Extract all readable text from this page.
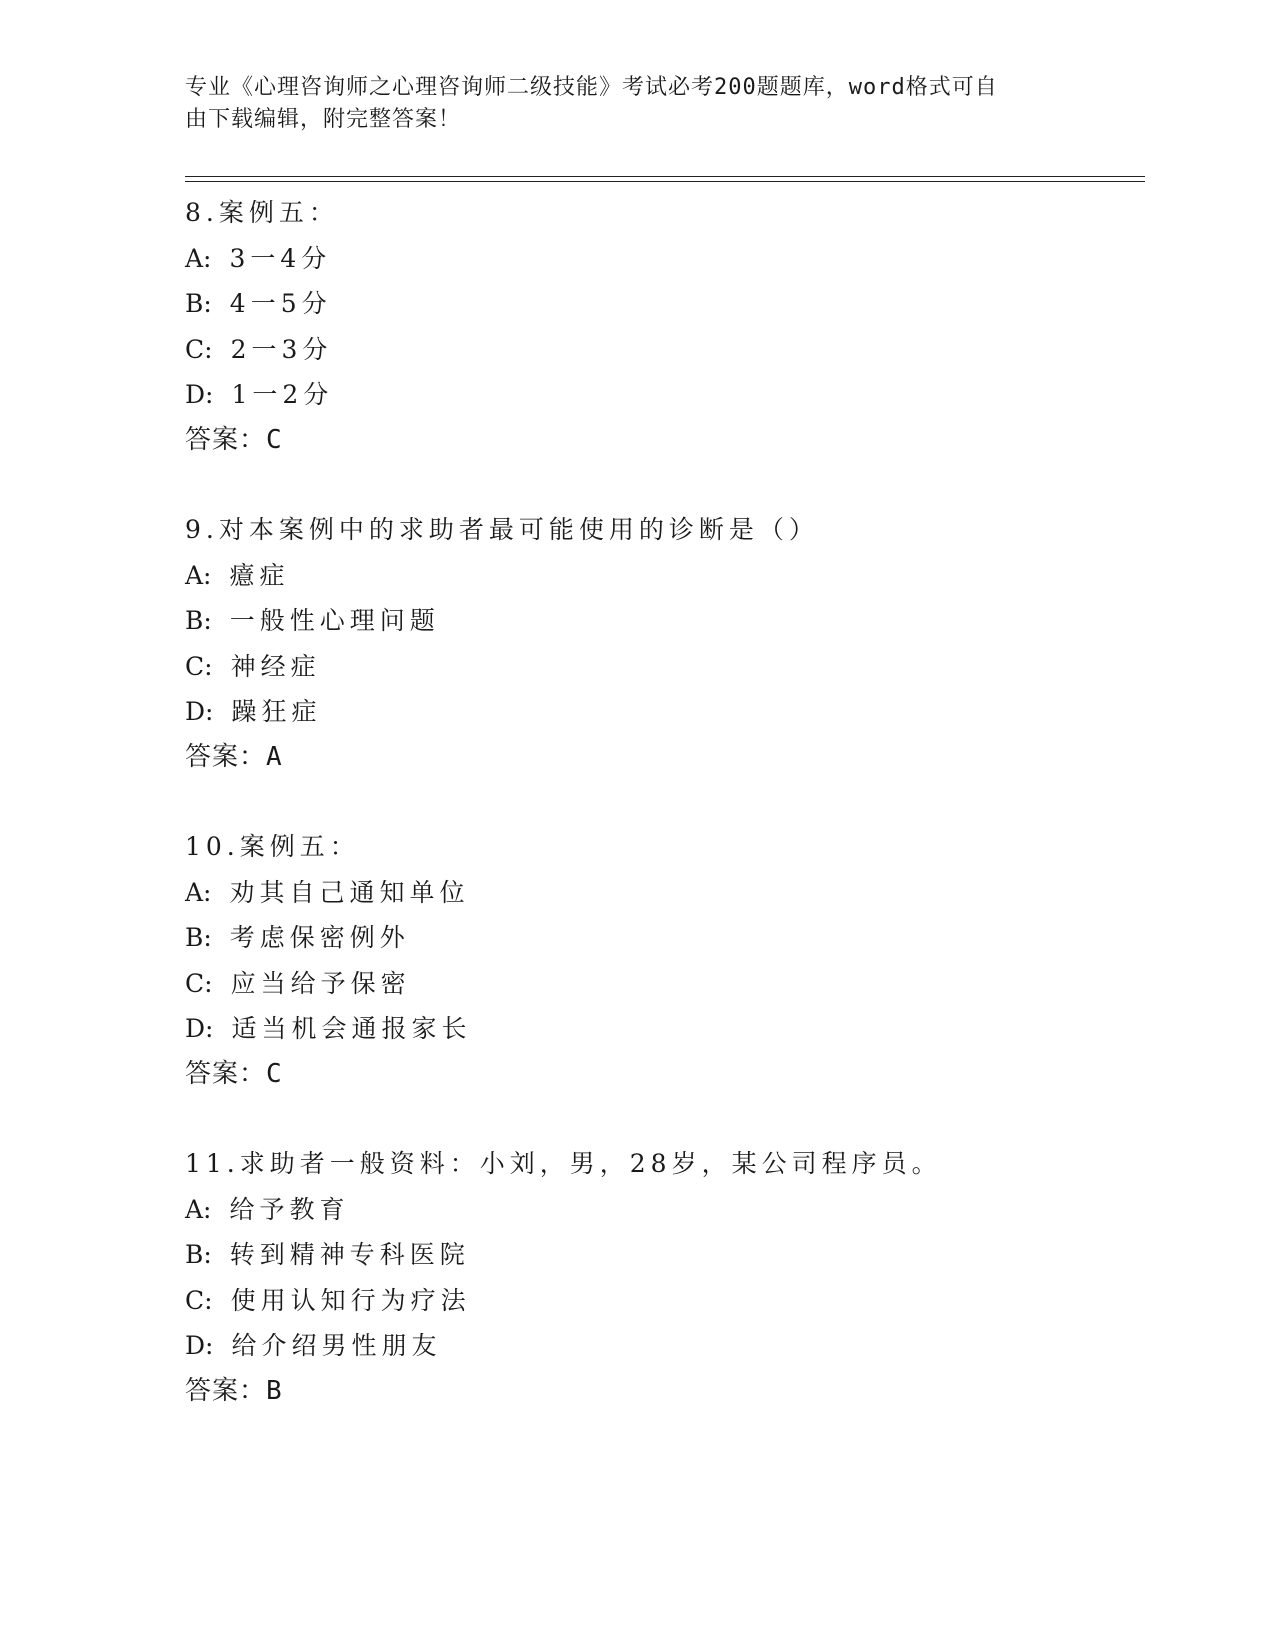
专业《心理咨询师之心理咨询师二级技能》考试必考200题题库，word格式可自
由下载编辑，附完整答案！
8.案例五：
A: 3一4分
B: 4一5分
C: 2一3分
D: 1一2分
答案：C
9.对本案例中的求助者最可能使用的诊断是（）
A: 癔症
B: 一般性心理问题
C: 神经症
D: 躁狂症
答案：A
10.案例五：
A: 劝其自己通知单位
B: 考虑保密例外
C: 应当给予保密
D: 适当机会通报家长
答案：C
11.求助者一般资料：小刘，男，28岁，某公司程序员。
A: 给予教育
B: 转到精神专科医院
C: 使用认知行为疗法
D: 给介绍男性朋友
答案：B
